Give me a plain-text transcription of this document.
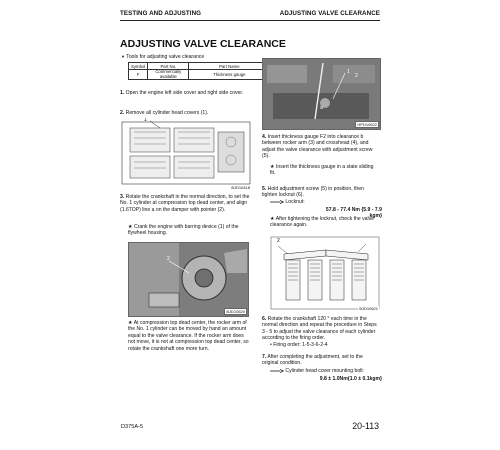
TESTING AND ADJUSTING	ADJUSTING VALVE CLEARANCE
ADJUSTING VALVE CLEARANCE
▼ Tools for adjusting valve clearance
Symbol	Part No.	Part Name
F	Commercially available	Thickness gauge
1. Open the engine left side cover and right side cover.
2. Remove all cylinder head covers (1).
1
BJD10418
3. Rotate the crankshaft in the normal direction, to set the No. 1 cylinder at compression top dead center, and align (1.6TOP) line a on the damper with pointer (2).
★ Crank the engine with barring device (1) of the flywheel housing.
2
BJD10620
★ At compression top dead center, the rocker arm of the No. 1 cylinder can be moved by hand an amount equal to the valve clearance. If the rocker arm does not move, it is not at compression top dead center, so rotate the crankshaft one more turn.
1
2
a
HPD10622
4. Insert thickness gauge F2 into clearance b between rocker arm (3) and crosshead (4), and adjust the valve clearance with adjustment screw (5).
★ Insert the thickness gauge in a state sliding fit.
5. Hold adjustment screw (5) in position, then tighten locknut (6).
Locknut:
57.8 - 77.4 Nm {5.9 - 7.9 kgm}
★ After tightening the locknut, check the valve clearance again.
2
BJD10621
6. Rotate the crankshaft 120 ° each time in the normal direction and repeat the procedure in Steps 3 - 5 to adjust the valve clearance of each cylinder according to the firing order.
• Firing order: 1-5-3-6-2-4
7. After completing the adjustment, set to the original condition.
Cylinder head cover mounting bolt:
9.8 ± 1.0Nm{1.0 ± 0.1kgm}
D375A-5	20-113
